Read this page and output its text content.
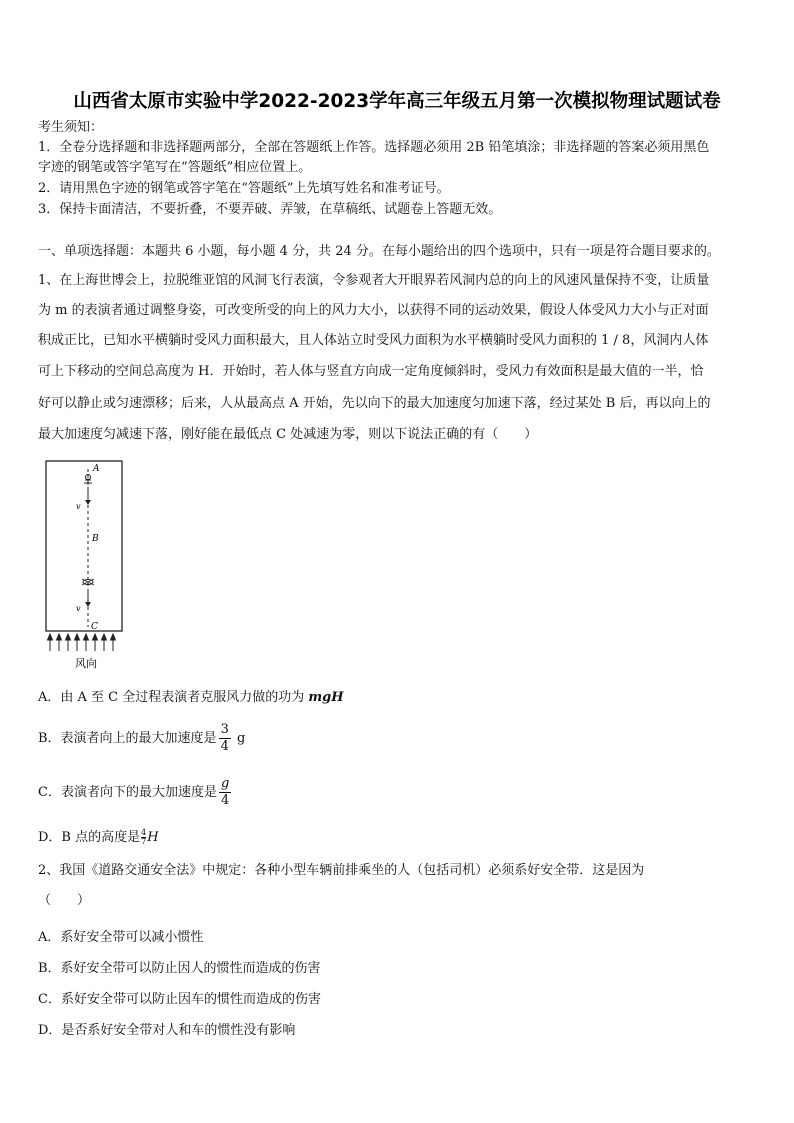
山西省太原市实验中学2022-2023学年高三年级五月第一次模拟物理试题试卷
考生须知：
1．全卷分选择题和非选择题两部分，全部在答题纸上作答。选择题必须用 2B 铅笔填涂；非选择题的答案必须用黑色
字迹的钢笔或答字笔写在“答题纸”相应位置上。
2．请用黑色字迹的钢笔或答字笔在“答题纸”上先填写姓名和准考证号。
3．保持卡面清洁，不要折叠，不要弄破、弄皱，在草稿纸、试题卷上答题无效。
一、单项选择题：本题共 6 小题，每小题 4 分，共 24 分。在每小题给出的四个选项中，只有一项是符合题目要求的。
1、在上海世博会上，拉脱维亚馆的风洞飞行表演，令参观者大开眼界若风洞内总的向上的风速风量保持不变，让质量
为 m 的表演者通过调整身姿，可改变所受的向上的风力大小，以获得不同的运动效果，假设人体受风力大小与正对面
积成正比，已知水平横躺时受风力面积最大，且人体站立时受风力面积为水平横躺时受风力面积的 1 / 8，风洞内人体
可上下移动的空间总高度为 H．开始时，若人体与竖直方向成一定角度倾斜时，受风力有效面积是最大值的一半，恰
好可以静止或匀速漂移；后来，人从最高点 A 开始，先以向下的最大加速度匀加速下落，经过某处 B 后，再以向上的
最大加速度匀减速下落，刚好能在最低点 C 处减速为零，则以下说法正确的有（　　）
A
v
B
v
C
风向
A．由 A 至 C 全过程表演者克服风力做的功为 mgH
B．表演者向上的最大加速度是 $\frac{3}{4}$ g
C．表演者向下的最大加速度是 $\frac{g}{4}$
D．B 点的高度是 $\frac{4}{7}$ H
2、我国《道路交通安全法》中规定：各种小型车辆前排乘坐的人（包括司机）必须系好安全带．这是因为
（　　）
A．系好安全带可以减小惯性
B．系好安全带可以防止因人的惯性而造成的伤害
C．系好安全带可以防止因车的惯性而造成的伤害
D．是否系好安全带对人和车的惯性没有影响
